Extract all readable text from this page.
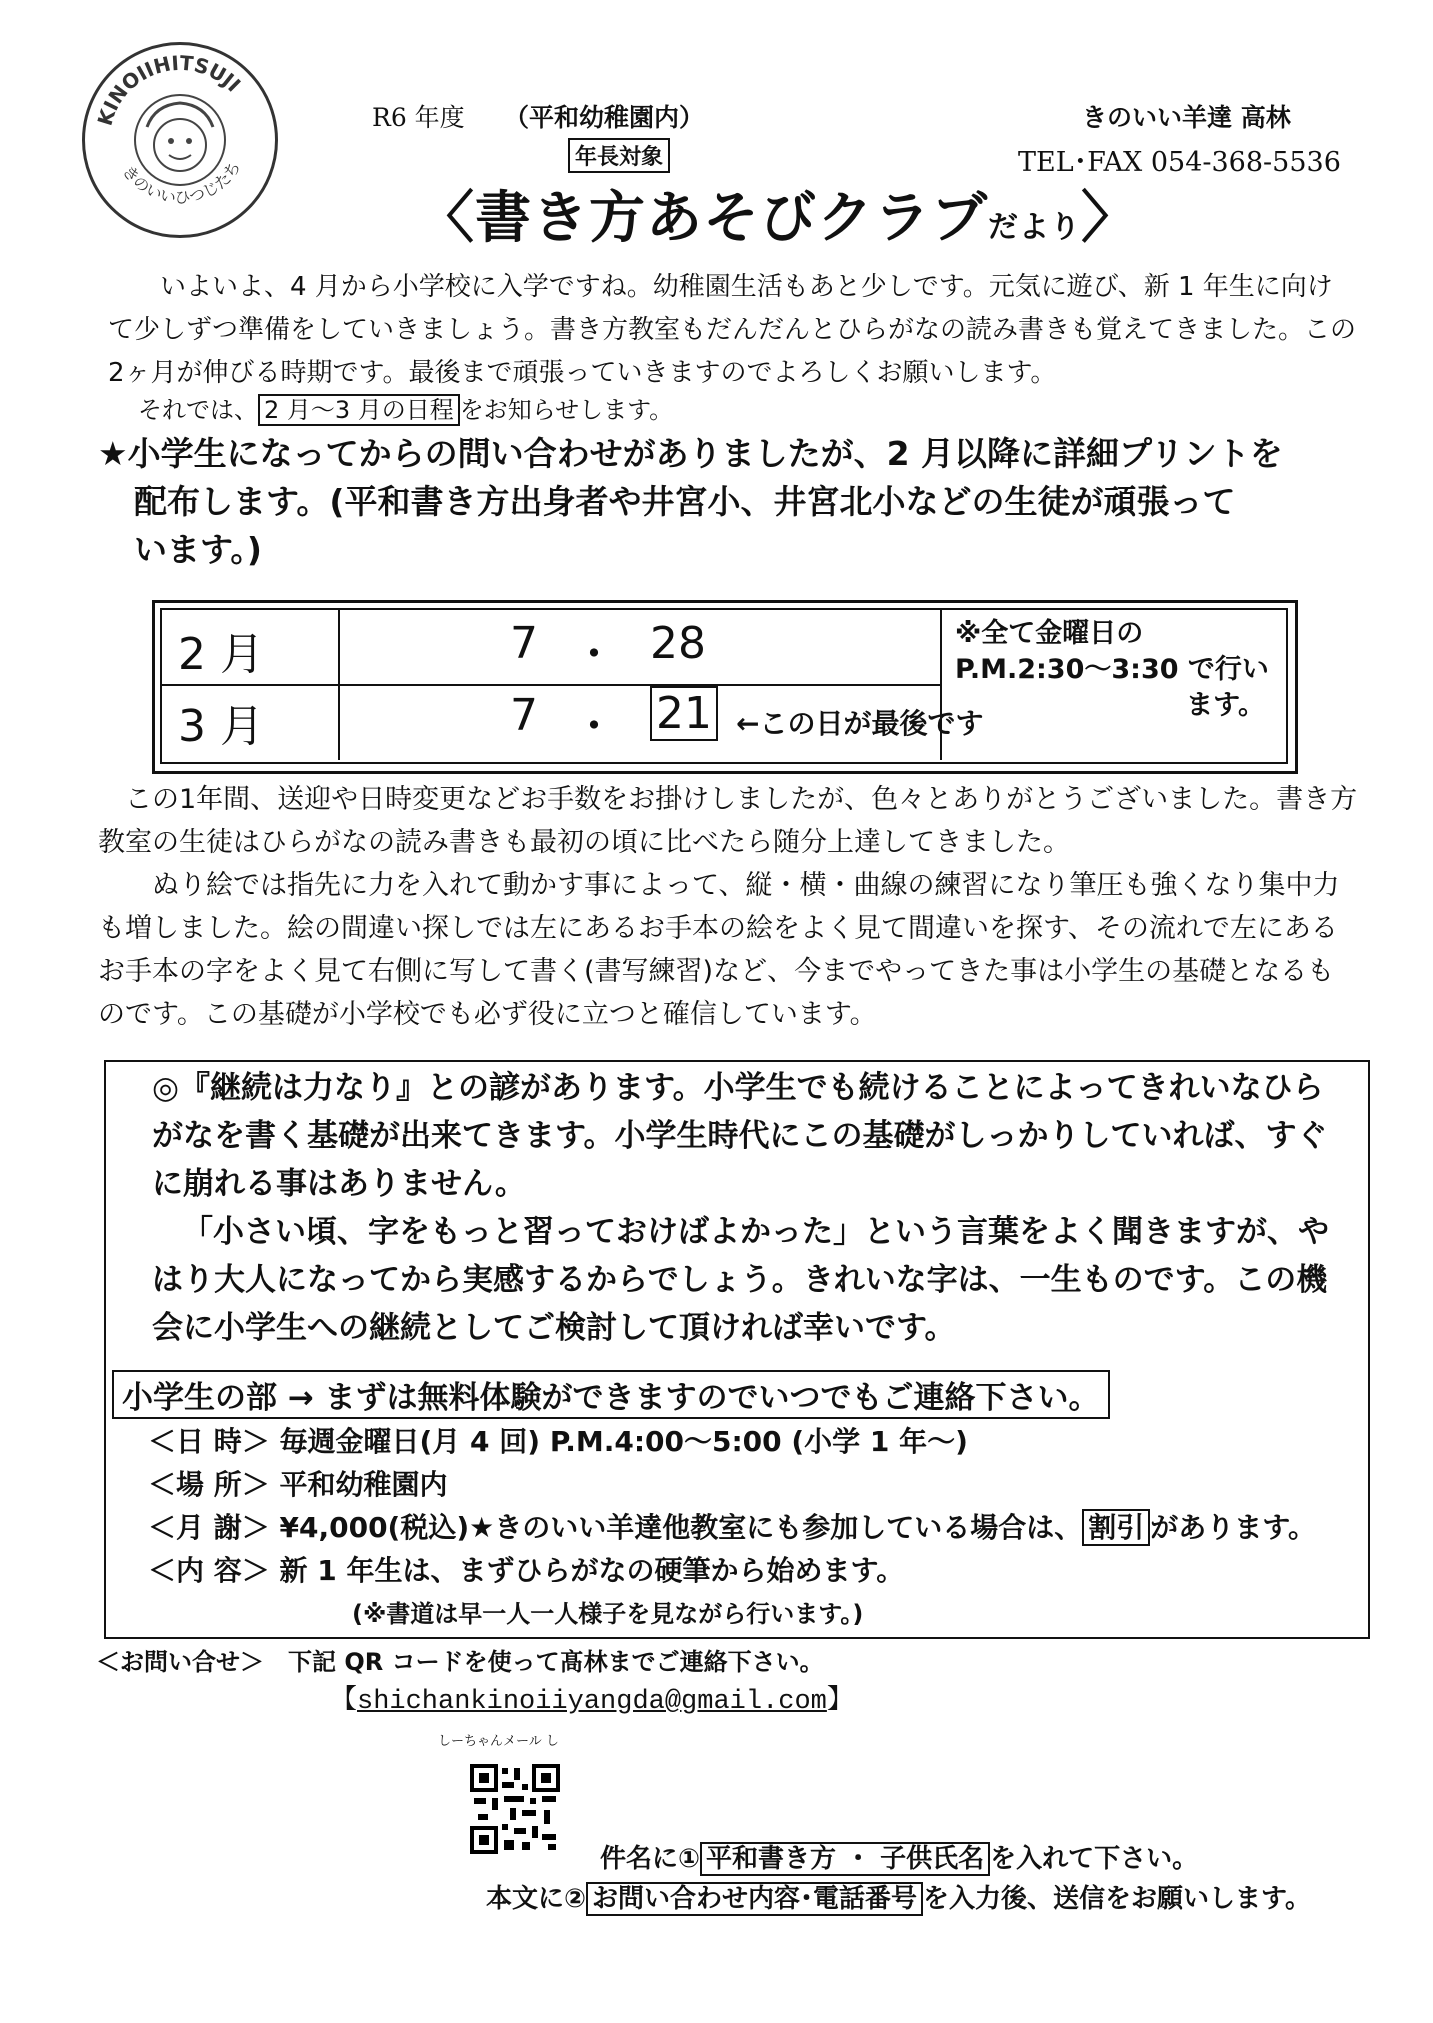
KINOIIHITSUJI
きのいいひつじたち
R6 年度 （平和幼稚園内）
年長対象
きのいい羊達 高林
TEL･FAX 054-368-5536
〈書き方あそびクラブだより〉

いよいよ、4 月から小学校に入学ですね。幼稚園生活もあと少しです。元気に遊び、新 1 年生に向けて少しずつ準備をしていきましょう。書き方教室もだんだんとひらがなの読み書きも覚えてきました。この 2ヶ月が伸びる時期です。最後まで頑張っていきますのでよろしくお願いします。

それでは、 2 月～3 月の日程 をお知らせします。
★小学生になってからの問い合わせがありましたが、2 月以降に詳細プリントを
配布します。(平和書き方出身者や井宮小、井宮北小などの生徒が頑張って
います。)
2 月	7 ・ 28
3 月	7 ・ 21 ←この日が最後です
※全て金曜日の
P.M.2:30～3:30 で行い
ます。

この1年間、送迎や日時変更などお手数をお掛けしましたが、色々とありがとうございました。書き方教室の生徒はひらがなの読み書きも最初の頃に比べたら随分上達してきました。

ぬり絵では指先に力を入れて動かす事によって、縦・横・曲線の練習になり筆圧も強くなり集中力も増しました。絵の間違い探しでは左にあるお手本の絵をよく見て間違いを探す、その流れで左にあるお手本の字をよく見て右側に写して書く(書写練習)など、今までやってきた事は小学生の基礎となるものです。この基礎が小学校でも必ず役に立つと確信しています。

◎『継続は力なり』との諺があります。小学生でも続けることによってきれいなひらがなを書く基礎が出来てきます。小学生時代にこの基礎がしっかりしていれば、すぐに崩れる事はありません。

「小さい頃、字をもっと習っておけばよかった」という言葉をよく聞きますが、やはり大人になってから実感するからでしょう。きれいな字は、一生ものです。この機会に小学生への継続としてご検討して頂ければ幸いです。

小学生の部 → まずは無料体験ができますのでいつでもご連絡下さい。
＜日 時＞ 毎週金曜日(月 4 回) P.M.4:00～5:00 (小学 1 年～)
＜場 所＞ 平和幼稚園内
＜月 謝＞ ¥4,000(税込)★きのいい羊達他教室にも参加している場合は、 割引 があります。
＜内 容＞ 新 1 年生は、まずひらがなの硬筆から始めます。
(※書道は早一人一人様子を見ながら行います。)
＜お問い合せ＞　 下記 QR コードを使って髙林までご連絡下さい。
【shichankinoiiyangda@gmail.com】
しーちゃんメール し
件名に① 平和書き方 ・ 子供氏名 を入れて下さい。
本文に② お問い合わせ内容･電話番号 を入力後、送信をお願いします。
